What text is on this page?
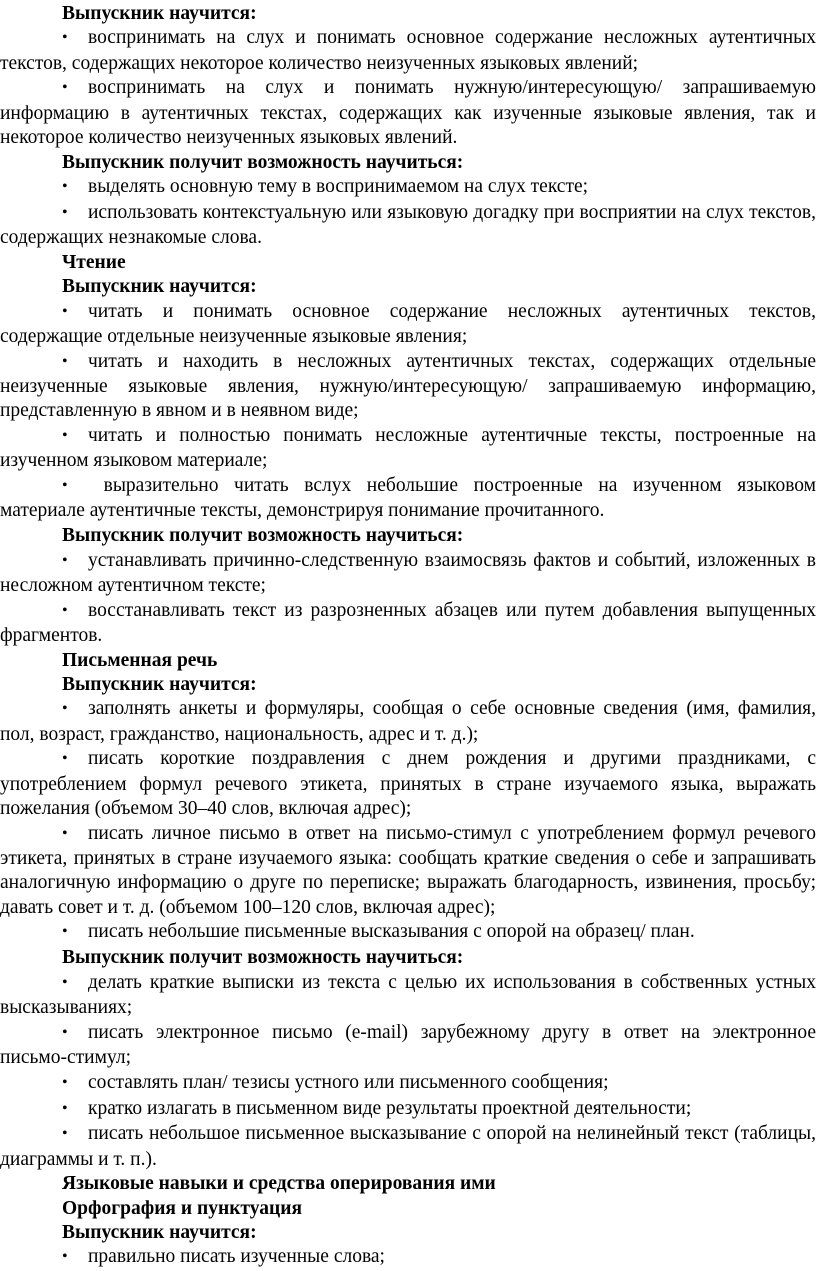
Выпускник научится:

•воспринимать на слух и понимать основное содержание несложных аутентичных текстов, содержащих некоторое количество неизученных языковых явлений;

•воспринимать на слух и понимать нужную/интересующую/ запрашиваемую информацию в аутентичных текстах, содержащих как изученные языковые явления, так и некоторое количество неизученных языковых явлений.

Выпускник получит возможность научиться:

•выделять основную тему в воспринимаемом на слух тексте;

•использовать контекстуальную или языковую догадку при восприятии на слух текстов, содержащих незнакомые слова.

Чтение

Выпускник научится:

•читать и понимать основное содержание несложных аутентичных текстов, содержащие отдельные неизученные языковые явления;

•читать и находить в несложных аутентичных текстах, содержащих отдельные неизученные языковые явления, нужную/интересующую/ запрашиваемую информацию, представленную в явном и в неявном виде;

•читать и полностью понимать несложные аутентичные тексты, построенные на изученном языковом материале;

• выразительно читать вслух небольшие построенные на изученном языковом материале аутентичные тексты, демонстрируя понимание прочитанного.

Выпускник получит возможность научиться:

•устанавливать причинно-следственную взаимосвязь фактов и событий, изложенных в несложном аутентичном тексте;

•восстанавливать текст из разрозненных абзацев или путем добавления выпущенных фрагментов.

Письменная речь

Выпускник научится:

•заполнять анкеты и формуляры, сообщая о себе основные сведения (имя, фамилия, пол, возраст, гражданство, национальность, адрес и т. д.);

•писать короткие поздравления с днем рождения и другими праздниками, с употреблением формул речевого этикета, принятых в стране изучаемого языка, выражать пожелания (объемом 30–40 слов, включая адрес);

•писать личное письмо в ответ на письмо-стимул с употреблением формул речевого этикета, принятых в стране изучаемого языка: сообщать краткие сведения о себе и запрашивать аналогичную информацию о друге по переписке; выражать благодарность, извинения, просьбу; давать совет и т. д. (объемом 100–120 слов, включая адрес);

•писать небольшие письменные высказывания с опорой на образец/ план.

Выпускник получит возможность научиться:

•делать краткие выписки из текста с целью их использования в собственных устных высказываниях;

•писать электронное письмо (e-mail) зарубежному другу в ответ на электронное письмо-стимул;

•составлять план/ тезисы устного или письменного сообщения;

•кратко излагать в письменном виде результаты проектной деятельности;

•писать небольшое письменное высказывание с опорой на нелинейный текст (таблицы, диаграммы и т. п.).

Языковые навыки и средства оперирования ими

Орфография и пунктуация

Выпускник научится:

•правильно писать изученные слова;
